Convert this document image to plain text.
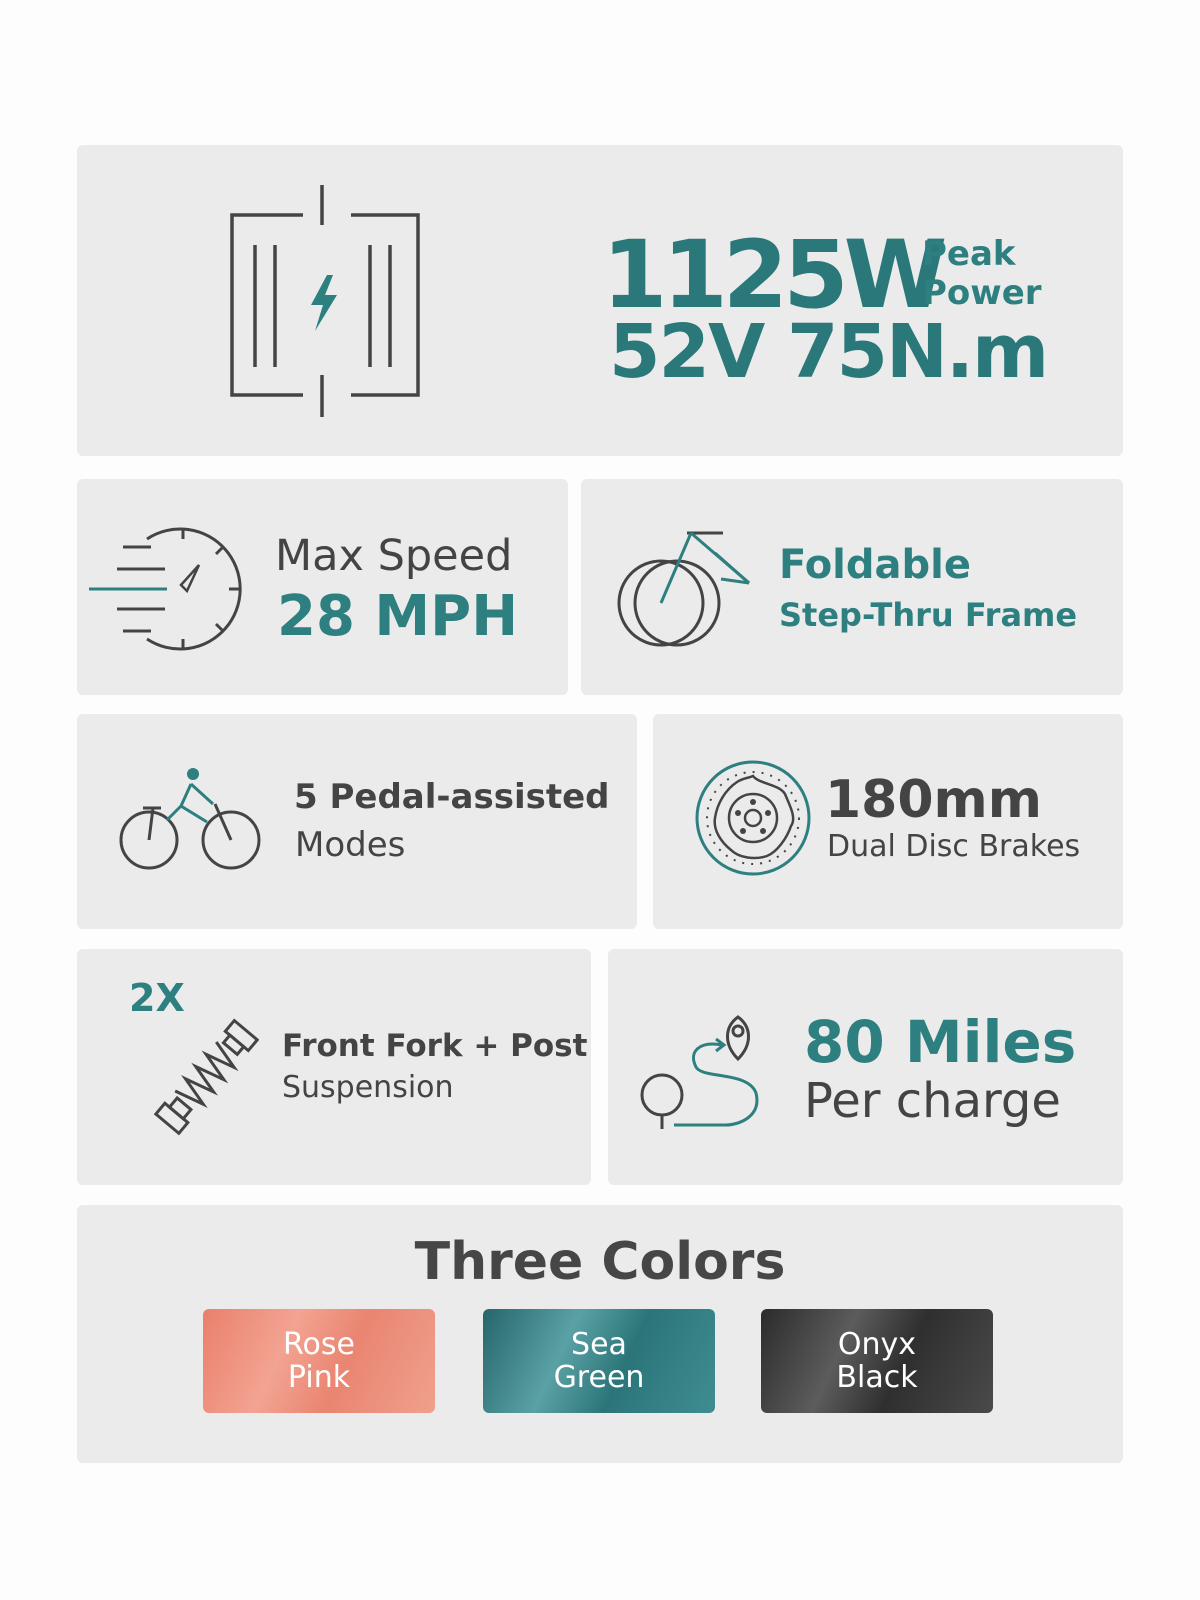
1125W
Peak
Power
52V 75N.m
Max Speed
28 MPH
Foldable
Step-Thru Frame
5 Pedal-assisted
Modes
180mm
Dual Disc Brakes
2X
Front Fork + Post
Suspension
80 Miles
Per charge
Three Colors
Rose
Pink
Sea
Green
Onyx
Black
